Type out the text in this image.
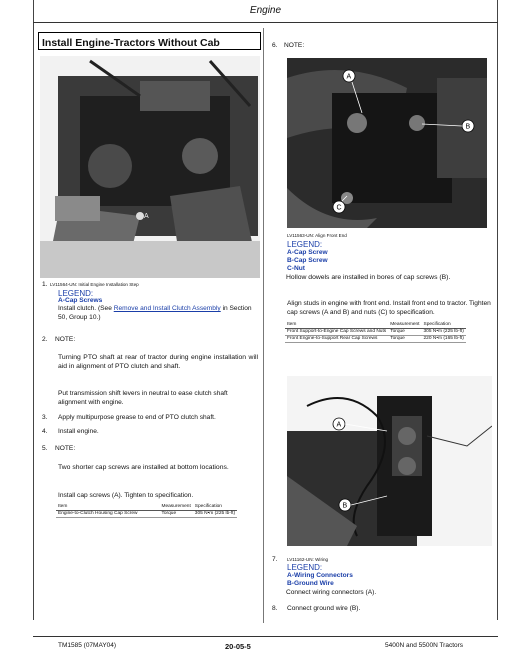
Engine
Install Engine-Tractors Without Cab
A
LV11564-UN: Initial Engine Installation Step
1.
LEGEND:
A-Cap Screws
Install clutch. (See Remove and Install Clutch Assembly in Section 50, Group 10.)
2. NOTE:
Turning PTO shaft at rear of tractor during engine installation will aid in alignment of PTO clutch and shaft.
Put transmission shift levers in neutral to ease clutch shaft alignment with engine.
3. Apply multipurpose grease to end of PTO clutch shaft.
4. Install engine.
5. NOTE:
Two shorter cap screws are installed at bottom locations.
Install cap screws (A). Tighten to specification.
Item	Measurement	Specification
Engine-to-Clutch Housing Cap Screw	Torque	305 N•m (225 lb-ft)
6. NOTE:
A
B
C
LV11563-UN: Align Front End
LEGEND:
A-Cap Screw
B-Cap Screw
C-Nut
Hollow dowels are installed in bores of cap screws (B).
Align studs in engine with front end. Install front end to tractor. Tighten cap screws (A and B) and nuts (C) to specification.
Item	Measurement	Specification
Front Support-to-Engine Cap Screws and Nuts	Torque	305 N•m (225 lb-ft)
Front Engine-to-Support Rear Cap Screws	Torque	220 N•m (165 lb-ft)
A
B
7. LV11162-UN: Wiring
LEGEND:
A-Wiring Connectors
B-Ground Wire
Connect wiring connectors (A).
8. Connect ground wire (B).
TM1585 (07MAY04)	20-05-5	5400N and 5500N Tractors
